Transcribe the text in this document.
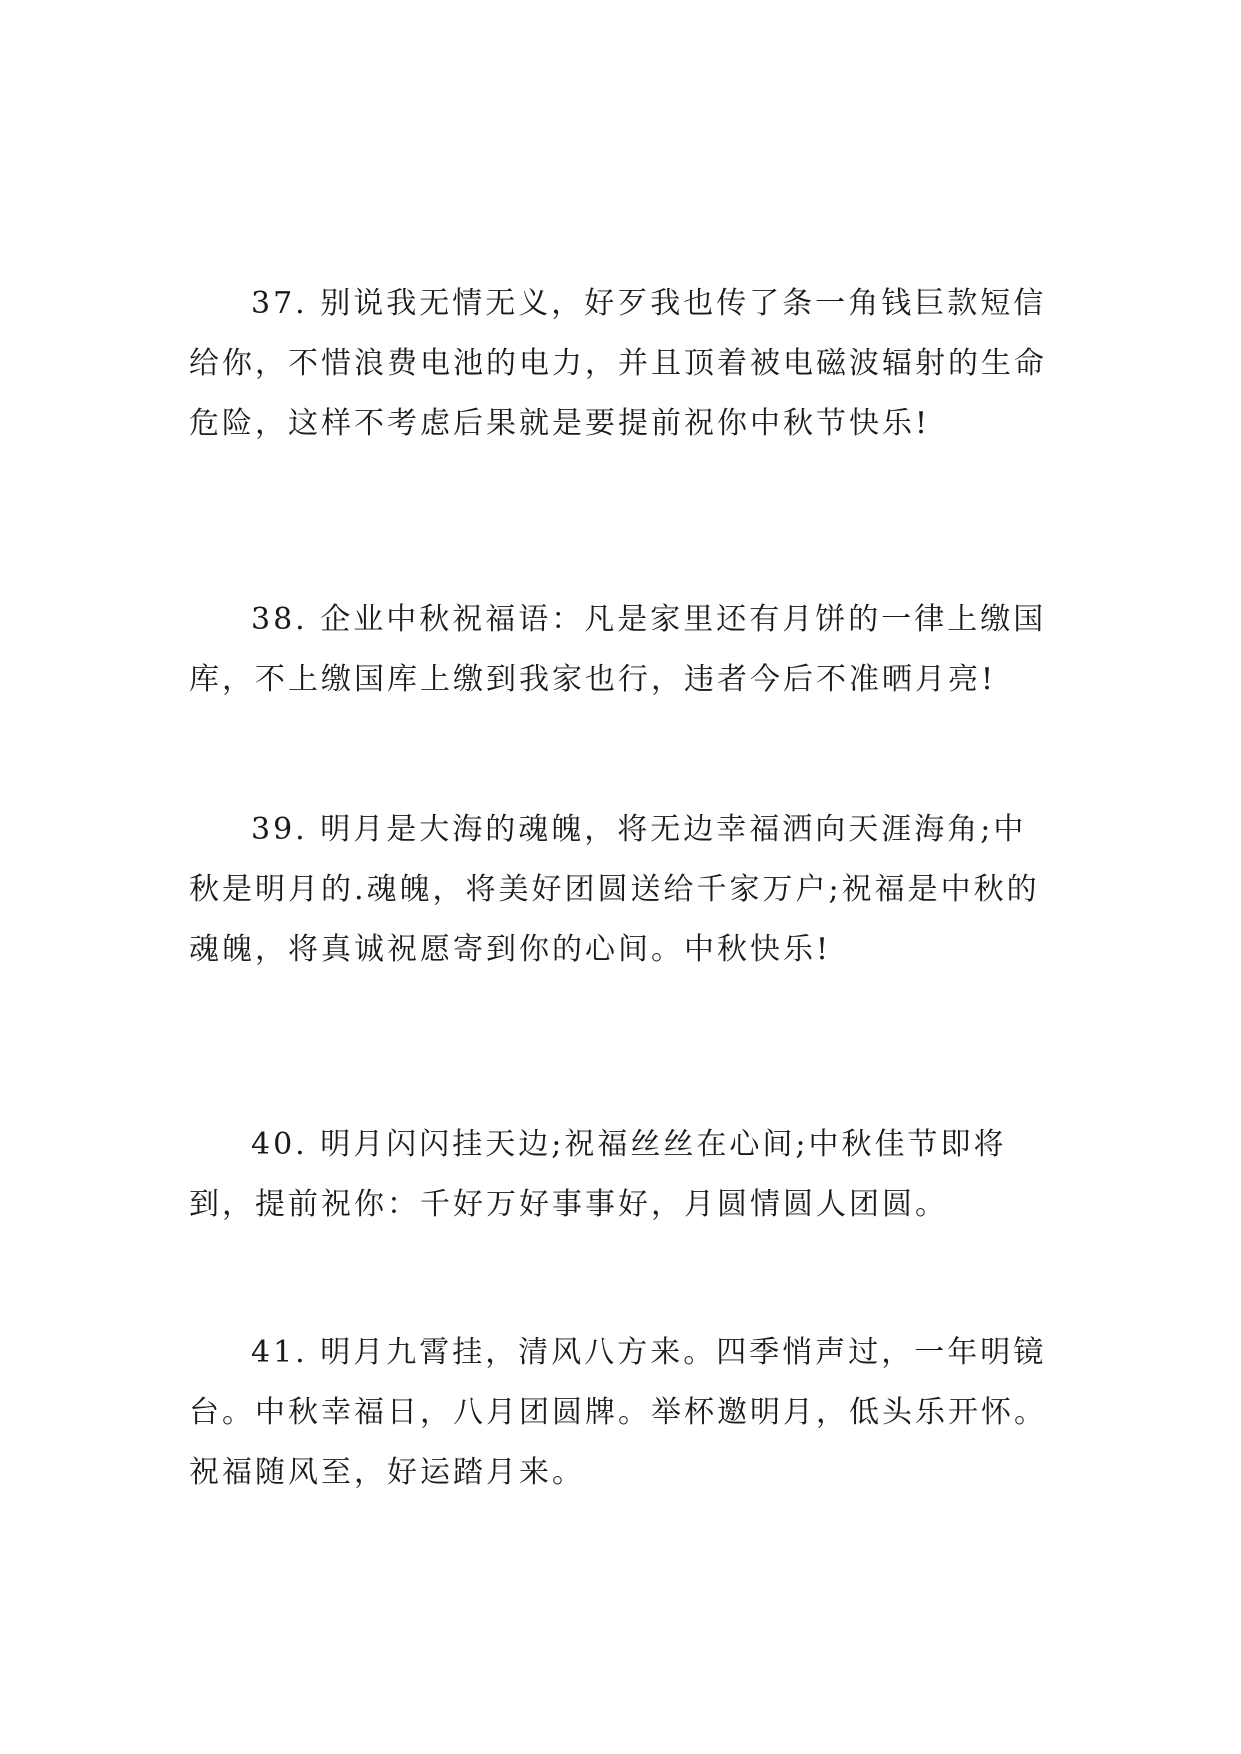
37. 别说我无情无义，好歹我也传了条一角钱巨款短信给你，不惜浪费电池的电力，并且顶着被电磁波辐射的生命危险，这样不考虑后果就是要提前祝你中秋节快乐!

38. 企业中秋祝福语：凡是家里还有月饼的一律上缴国库，不上缴国库上缴到我家也行，违者今后不准晒月亮!

39. 明月是大海的魂魄，将无边幸福洒向天涯海角;中秋是明月的.魂魄，将美好团圆送给千家万户;祝福是中秋的魂魄，将真诚祝愿寄到你的心间。中秋快乐!

40. 明月闪闪挂天边;祝福丝丝在心间;中秋佳节即将到，提前祝你：千好万好事事好，月圆情圆人团圆。

41. 明月九霄挂，清风八方来。四季悄声过，一年明镜台。中秋幸福日，八月团圆牌。举杯邀明月，低头乐开怀。祝福随风至，好运踏月来。
